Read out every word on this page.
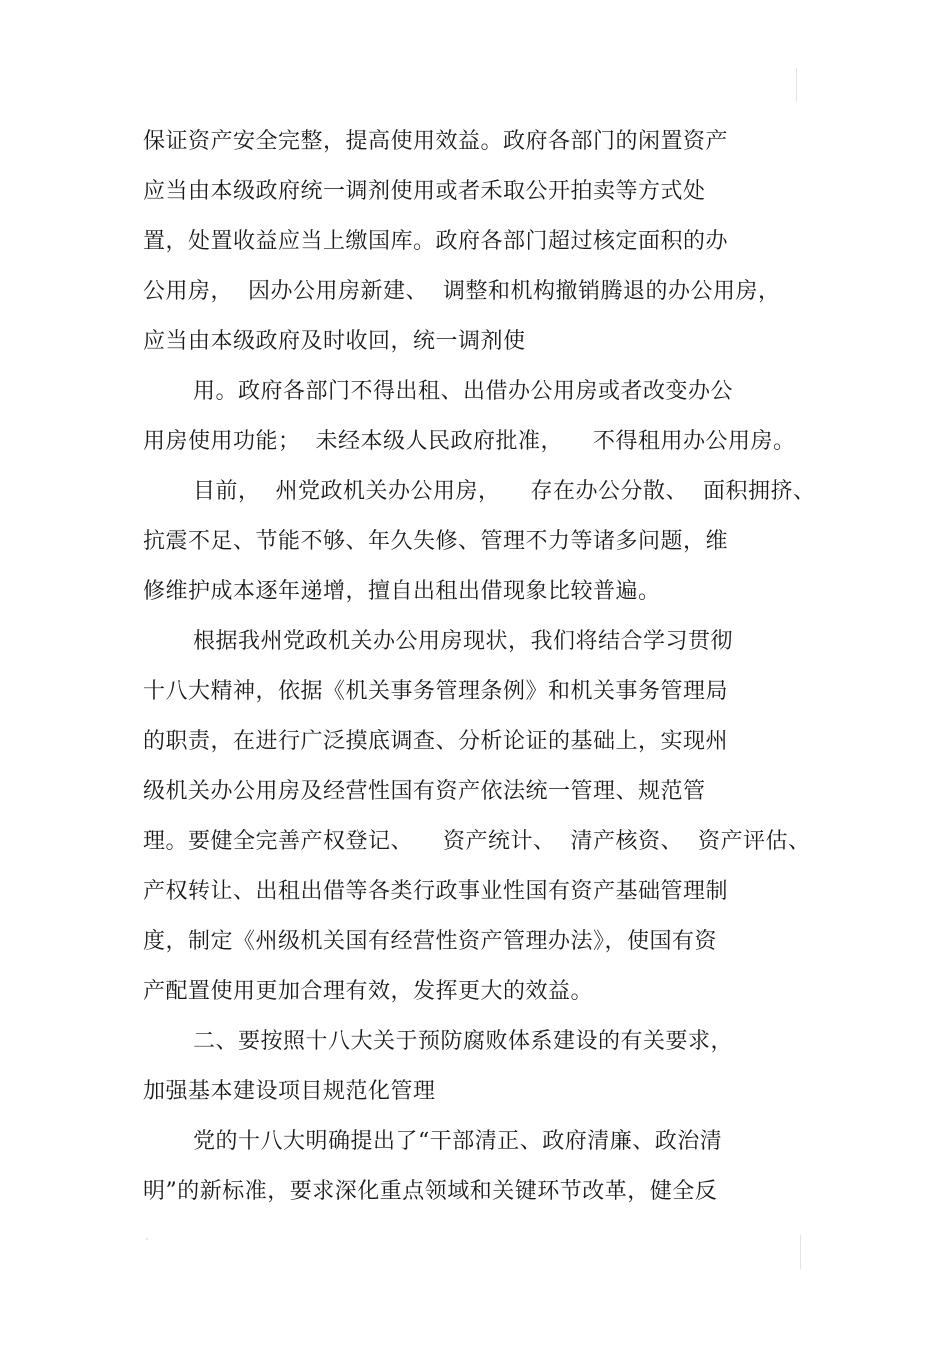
保证资产安全完整，提高使用效益。政府各部门的闲置资产
应当由本级政府统一调剂使用或者禾取公开拍卖等方式处
置，处置收益应当上缴国库。政府各部门超过核定面积的办
公用房，  因办公用房新建、  调整和机构撤销腾退的办公用房，
应当由本级政府及时收回，统一调剂使
用。政府各部门不得出租、出借办公用房或者改变办公
用房使用功能；  未经本级人民政府批准，    不得租用办公用房。
目前，  州党政机关办公用房，    存在办公分散、  面积拥挤、
抗震不足、节能不够、年久失修、管理不力等诸多问题，维
修维护成本逐年递增，擅自出租出借现象比较普遍。
根据我州党政机关办公用房现状，我们将结合学习贯彻
十八大精神，依据《机关事务管理条例》和机关事务管理局
的职责，在进行广泛摸底调查、分析论证的基础上，实现州
级机关办公用房及经营性国有资产依法统一管理、规范管
理。要健全完善产权登记、    资产统计、  清产核资、  资产评估、
产权转让、出租出借等各类行政事业性国有资产基础管理制
度，制定《州级机关国有经营性资产管理办法》，使国有资
产配置使用更加合理有效，发挥更大的效益。
二、要按照十八大关于预防腐败体系建设的有关要求，
加强基本建设项目规范化管理
党的十八大明确提出了“干部清正、政府清廉、政治清
明”的新标准，要求深化重点领域和关键环节改革，健全反
